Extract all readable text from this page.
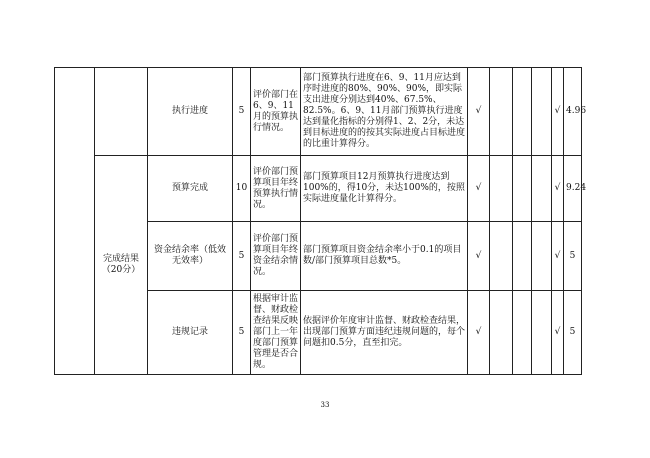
		执行进度	5	评价部门在6、9、11月的预算执行情况。	部门预算执行进度在6、9、11月应达到序时进度的80%、90%、90%，即实际支出进度分别达到40%、67.5%、82.5%。6、9、11月部门预算执行进度达到量化指标的分别得1、2、2分，未达到目标进度的的按其实际进度占目标进度的比重计算得分。	√				√	4.96
	完成结果（20分）	预算完成	10	评价部门预算项目年终预算执行情况。	部门预算项目12月预算执行进度达到100%的，得10分，未达100%的，按照实际进度量化计算得分。	√				√	9.24
		资金结余率（低效无效率）	5	评价部门预算项目年终资金结余情况。	部门预算项目资金结余率小于0.1的项目数/部门预算项目总数*5。	√				√	5
		违规记录	5	根据审计监督、财政检查结果反映部门上一年度部门预算管理是否合规。	依据评价年度审计监督、财政检查结果，出现部门预算方面违纪违规问题的，每个问题扣0.5分，直至扣完。	√				√	5
33
